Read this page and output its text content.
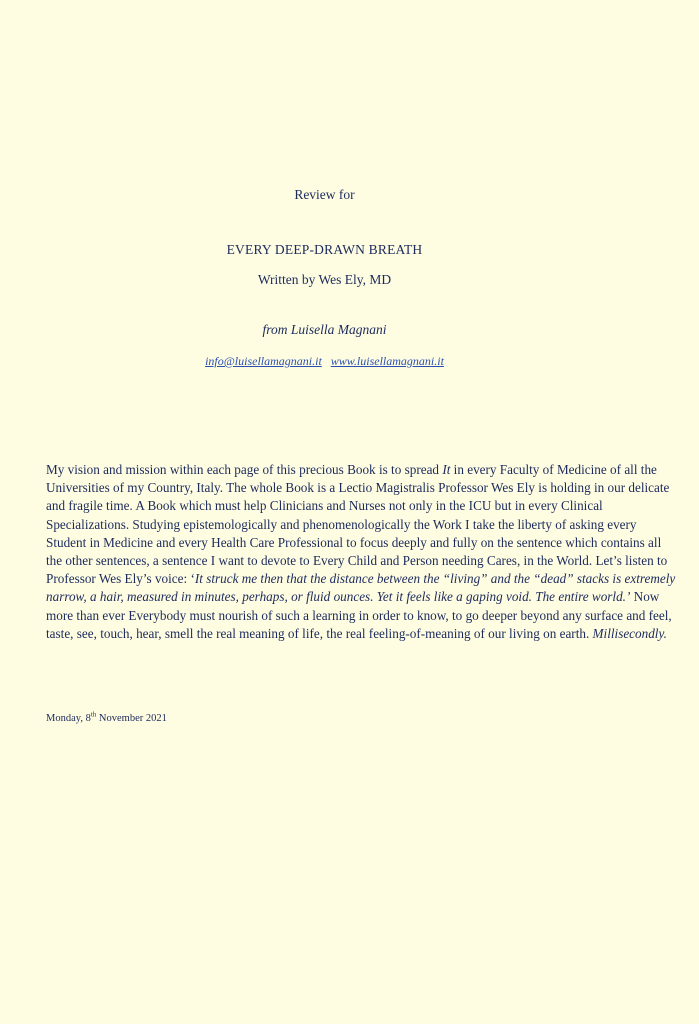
Review for
EVERY DEEP-DRAWN BREATH
Written by Wes Ely, MD
from Luisella Magnani
info@luisellamagnani.it www.luisellamagnani.it
My vision and mission within each page of this precious Book is to spread It in every Faculty of Medicine of all the Universities of my Country, Italy. The whole Book is a Lectio Magistralis Professor Wes Ely is holding in our delicate and fragile time. A Book which must help Clinicians and Nurses not only in the ICU but in every Clinical Specializations. Studying epistemologically and phenomenologically the Work I take the liberty of asking every Student in Medicine and every Health Care Professional to focus deeply and fully on the sentence which contains all the other sentences, a sentence I want to devote to Every Child and Person needing Cares, in the World. Let’s listen to Professor Wes Ely’s voice: ‘It struck me then that the distance between the “living” and the “dead” stacks is extremely narrow, a hair, measured in minutes, perhaps, or fluid ounces. Yet it feels like a gaping void. The entire world.’ Now more than ever Everybody must nourish of such a learning in order to know, to go deeper beyond any surface and feel, taste, see, touch, hear, smell the real meaning of life, the real feeling-of-meaning of our living on earth. Millisecondly.
Monday, 8th November 2021
